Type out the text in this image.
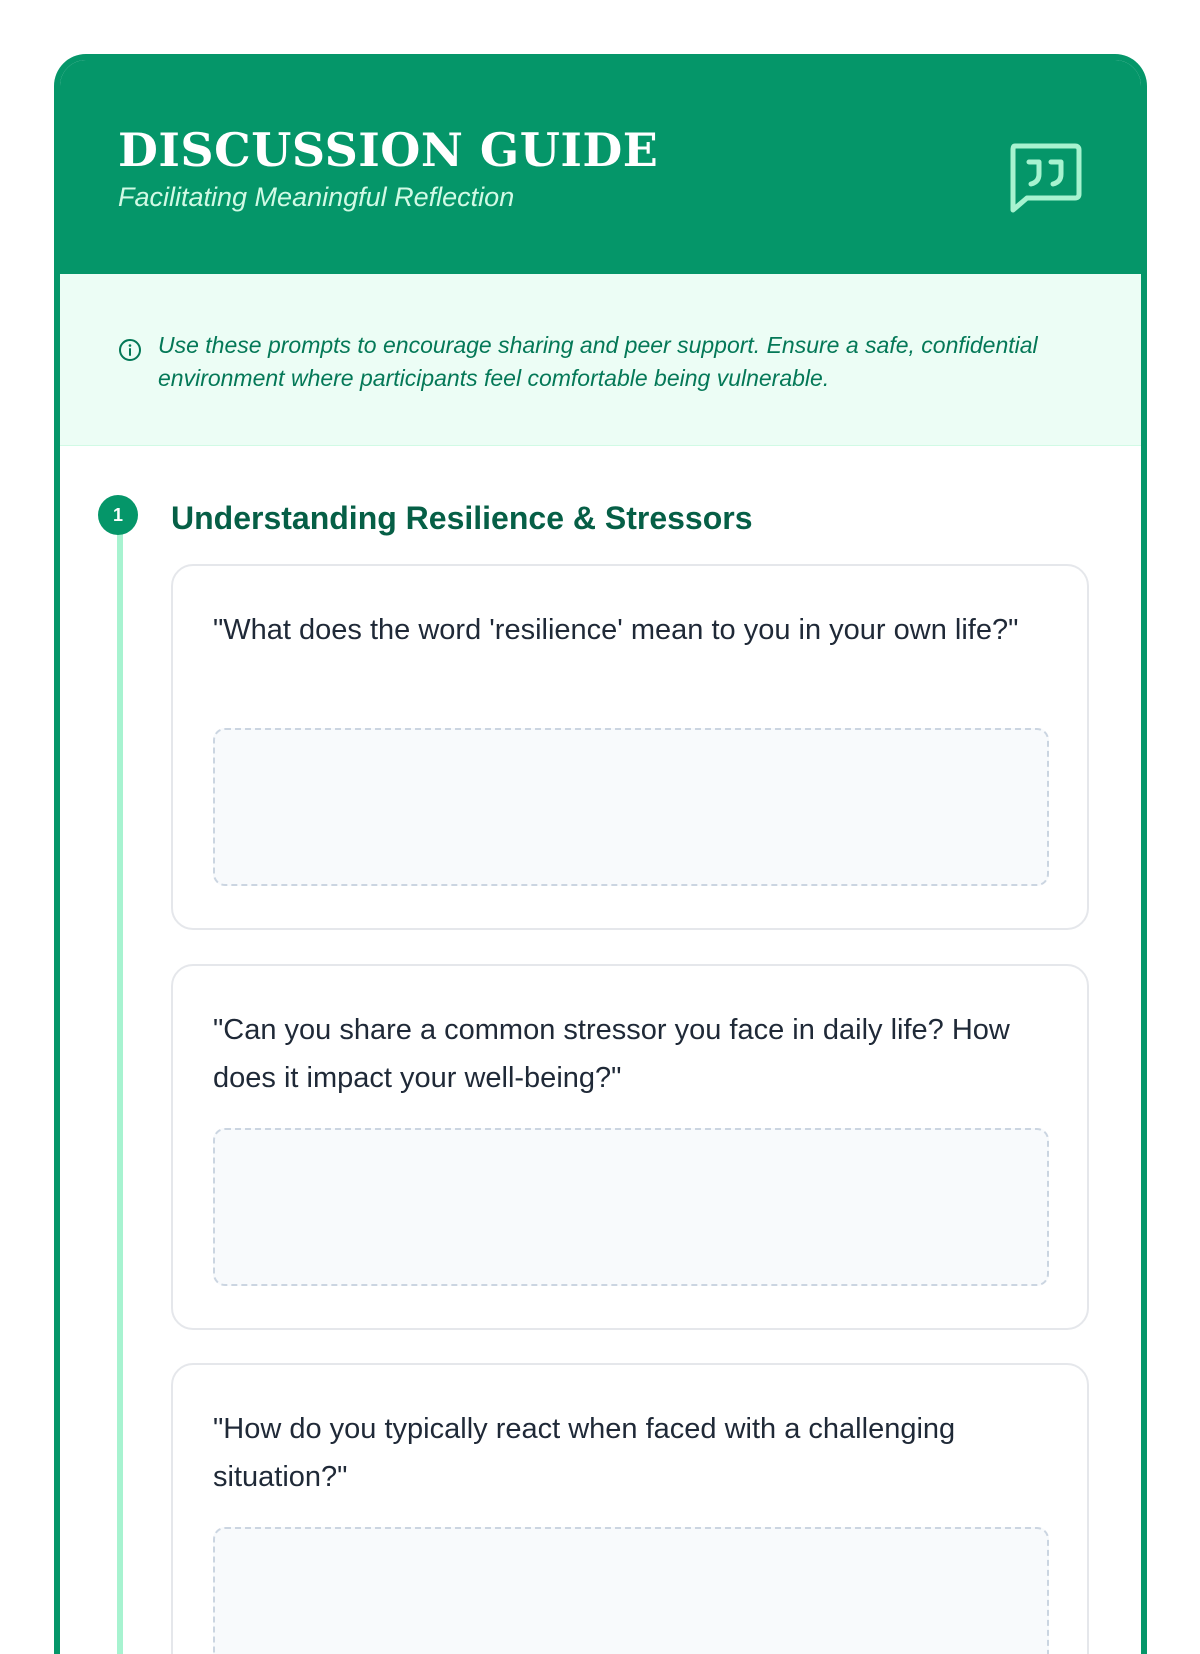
DISCUSSION GUIDE

Facilitating Meaningful Reflection

Use these prompts to encourage sharing and peer support. Ensure a safe, confidential environment where participants feel comfortable being vulnerable.

1	Understanding Resilience & Stressors

"What does the word 'resilience' mean to you in your own life?"

"Can you share a common stressor you face in daily life? How does it impact your well-being?"

"How do you typically react when faced with a challenging situation?"
